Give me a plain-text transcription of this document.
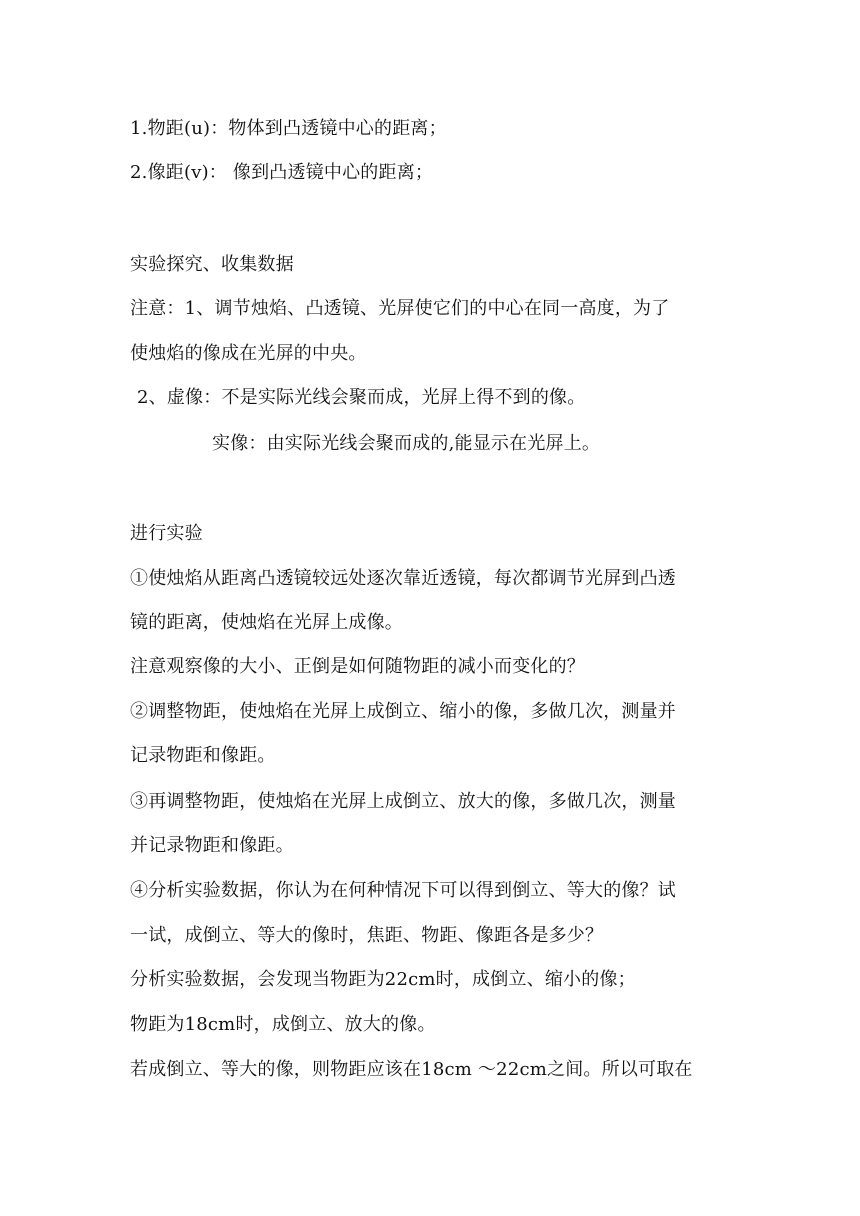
1.物距(u)：物体到凸透镜中心的距离；
2.像距(v)： 像到凸透镜中心的距离；
实验探究、收集数据
注意：1、调节烛焰、凸透镜、光屏使它们的中心在同一高度，为了
使烛焰的像成在光屏的中央。
2、虚像：不是实际光线会聚而成，光屏上得不到的像。
实像：由实际光线会聚而成的,能显示在光屏上。
进行实验
①使烛焰从距离凸透镜较远处逐次靠近透镜，每次都调节光屏到凸透
镜的距离，使烛焰在光屏上成像。
注意观察像的大小、正倒是如何随物距的减小而变化的？
②调整物距，使烛焰在光屏上成倒立、缩小的像，多做几次，测量并
记录物距和像距。
③再调整物距，使烛焰在光屏上成倒立、放大的像，多做几次，测量
并记录物距和像距。
④分析实验数据，你认为在何种情况下可以得到倒立、等大的像？试
一试，成倒立、等大的像时，焦距、物距、像距各是多少？
分析实验数据，会发现当物距为22cm时，成倒立、缩小的像；
物距为18cm时，成倒立、放大的像。
若成倒立、等大的像，则物距应该在18cm ～22cm之间。所以可取在
